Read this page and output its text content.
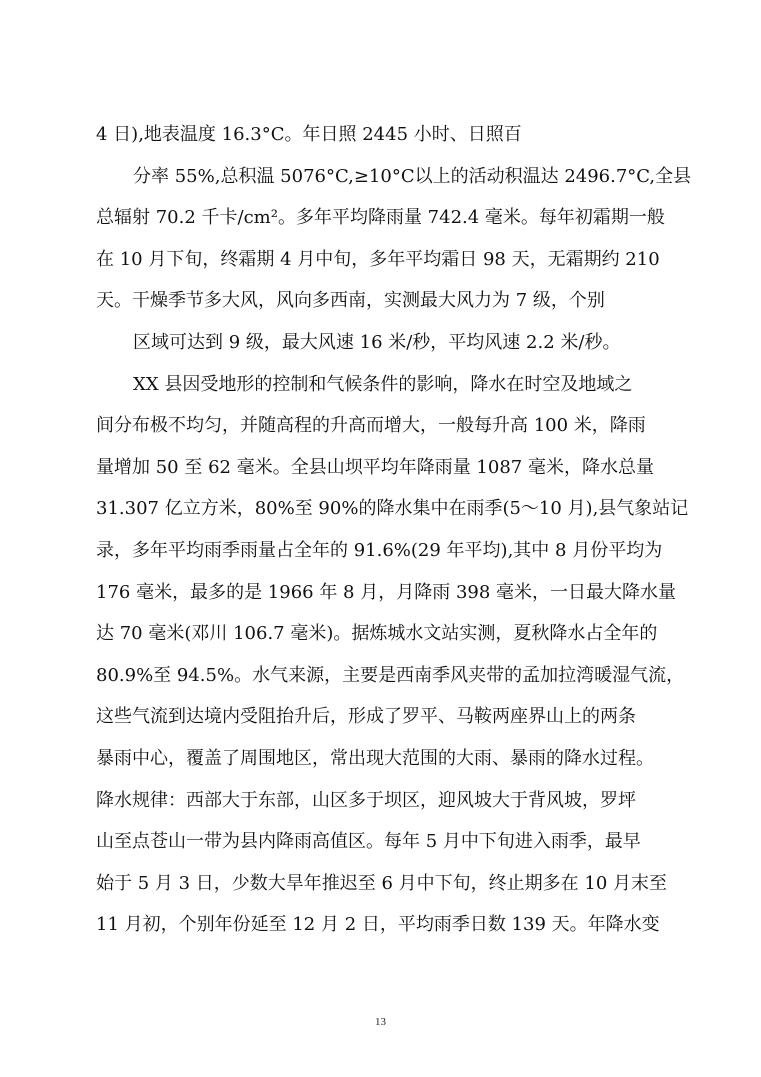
4 日),地表温度 16.3°C。年日照 2445 小时、日照百
分率 55%,总积温 5076°C,≥10°C以上的活动积温达 2496.7°C,全县
总辐射 70.2 千卡/cm²。多年平均降雨量 742.4 毫米。每年初霜期一般
在 10 月下旬，终霜期 4 月中旬，多年平均霜日 98 天，无霜期约 210
天。干燥季节多大风，风向多西南，实测最大风力为 7 级，个别
区域可达到 9 级，最大风速 16 米/秒，平均风速 2.2 米/秒。
XX 县因受地形的控制和气候条件的影响，降水在时空及地域之
间分布极不均匀，并随高程的升高而增大，一般每升高 100 米，降雨
量增加 50 至 62 毫米。全县山坝平均年降雨量 1087 毫米，降水总量
31.307 亿立方米，80%至 90%的降水集中在雨季(5～10 月),县气象站记
录，多年平均雨季雨量占全年的 91.6%(29 年平均),其中 8 月份平均为
176 毫米，最多的是 1966 年 8 月，月降雨 398 毫米，一日最大降水量
达 70 毫米(邓川 106.7 毫米)。据炼城水文站实测，夏秋降水占全年的
80.9%至 94.5%。水气来源，主要是西南季风夹带的孟加拉湾暖湿气流，
这些气流到达境内受阻抬升后，形成了罗平、马鞍两座界山上的两条
暴雨中心，覆盖了周围地区，常出现大范围的大雨、暴雨的降水过程。
降水规律：西部大于东部，山区多于坝区，迎风坡大于背风坡，罗坪
山至点苍山一带为县内降雨高值区。每年 5 月中下旬进入雨季，最早
始于 5 月 3 日，少数大旱年推迟至 6 月中下旬，终止期多在 10 月末至
11 月初，个别年份延至 12 月 2 日，平均雨季日数 139 天。年降水变
13
